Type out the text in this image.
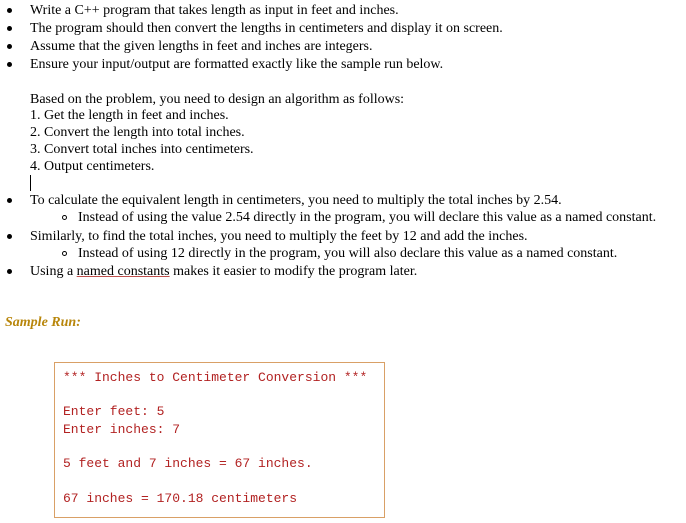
Write a C++ program that takes length as input in feet and inches.
The program should then convert the lengths in centimeters and display it on screen.
Assume that the given lengths in feet and inches are integers.
Ensure your input/output are formatted exactly like the sample run below.
Based on the problem, you need to design an algorithm as follows:
1. Get the length in feet and inches.
2. Convert the length into total inches.
3. Convert total inches into centimeters.
4. Output centimeters.
To calculate the equivalent length in centimeters, you need to multiply the total inches by 2.54.
Instead of using the value 2.54 directly in the program, you will declare this value as a named constant.
Similarly, to find the total inches, you need to multiply the feet by 12 and add the inches.
Instead of using 12 directly in the program, you will also declare this value as a named constant.
Using a named constants makes it easier to modify the program later.
Sample Run:
*** Inches to Centimeter Conversion ***
Enter feet: 5
Enter inches: 7
5 feet and 7 inches = 67 inches.
67 inches = 170.18 centimeters
